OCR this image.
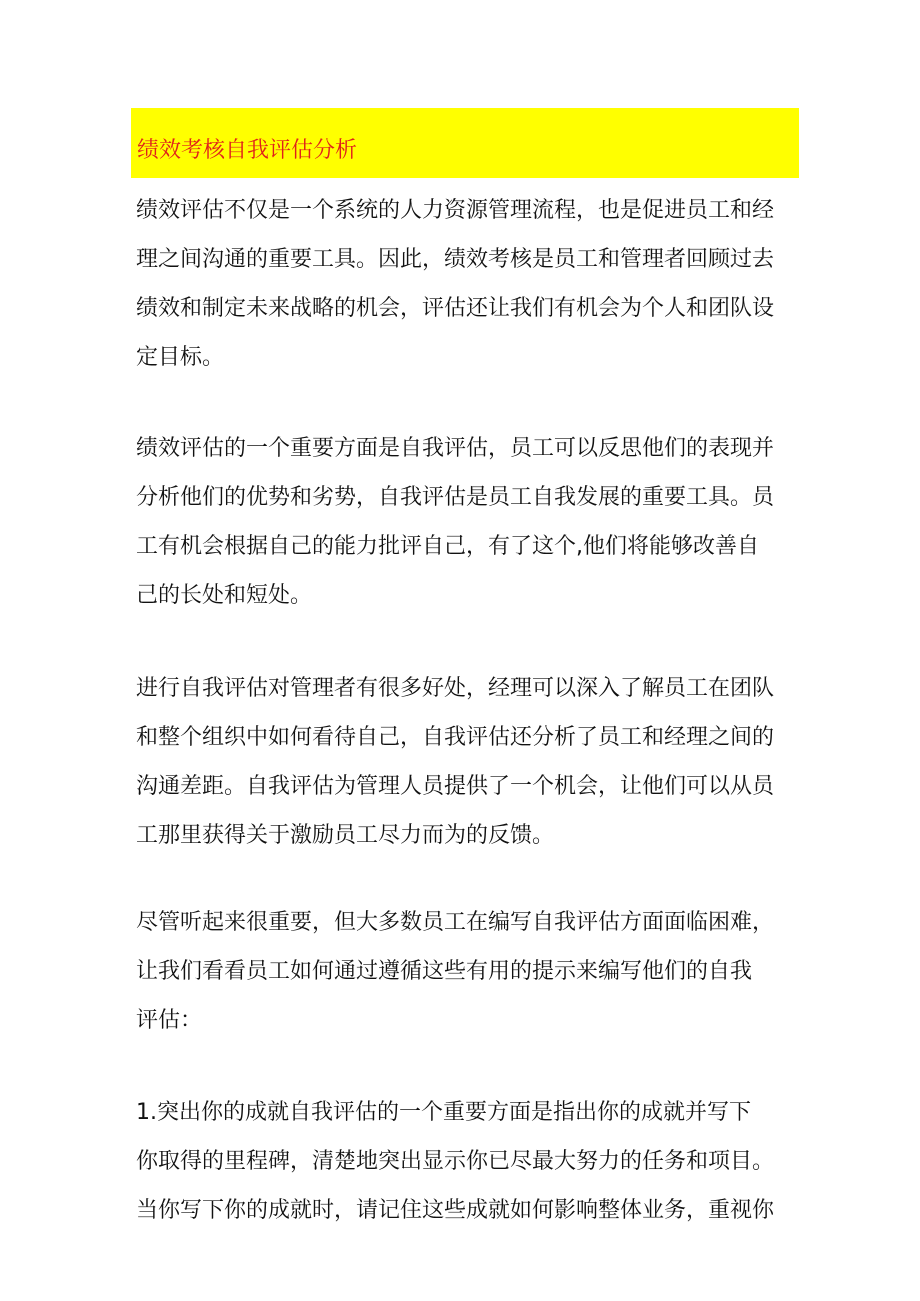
绩效考核自我评估分析

绩效评估不仅是一个系统的人力资源管理流程，也是促进员工和经
理之间沟通的重要工具。因此，绩效考核是员工和管理者回顾过去
绩效和制定未来战略的机会，评估还让我们有机会为个人和团队设
定目标。

绩效评估的一个重要方面是自我评估，员工可以反思他们的表现并
分析他们的优势和劣势，自我评估是员工自我发展的重要工具。员
工有机会根据自己的能力批评自己，有了这个,他们将能够改善自
己的长处和短处。

进行自我评估对管理者有很多好处，经理可以深入了解员工在团队
和整个组织中如何看待自己，自我评估还分析了员工和经理之间的
沟通差距。自我评估为管理人员提供了一个机会，让他们可以从员
工那里获得关于激励员工尽力而为的反馈。

尽管听起来很重要，但大多数员工在编写自我评估方面面临困难，
让我们看看员工如何通过遵循这些有用的提示来编写他们的自我
评估：

1.突出你的成就自我评估的一个重要方面是指出你的成就并写下
你取得的里程碑，清楚地突出显示你已尽最大努力的任务和项目。
当你写下你的成就时，请记住这些成就如何影响整体业务，重视你
